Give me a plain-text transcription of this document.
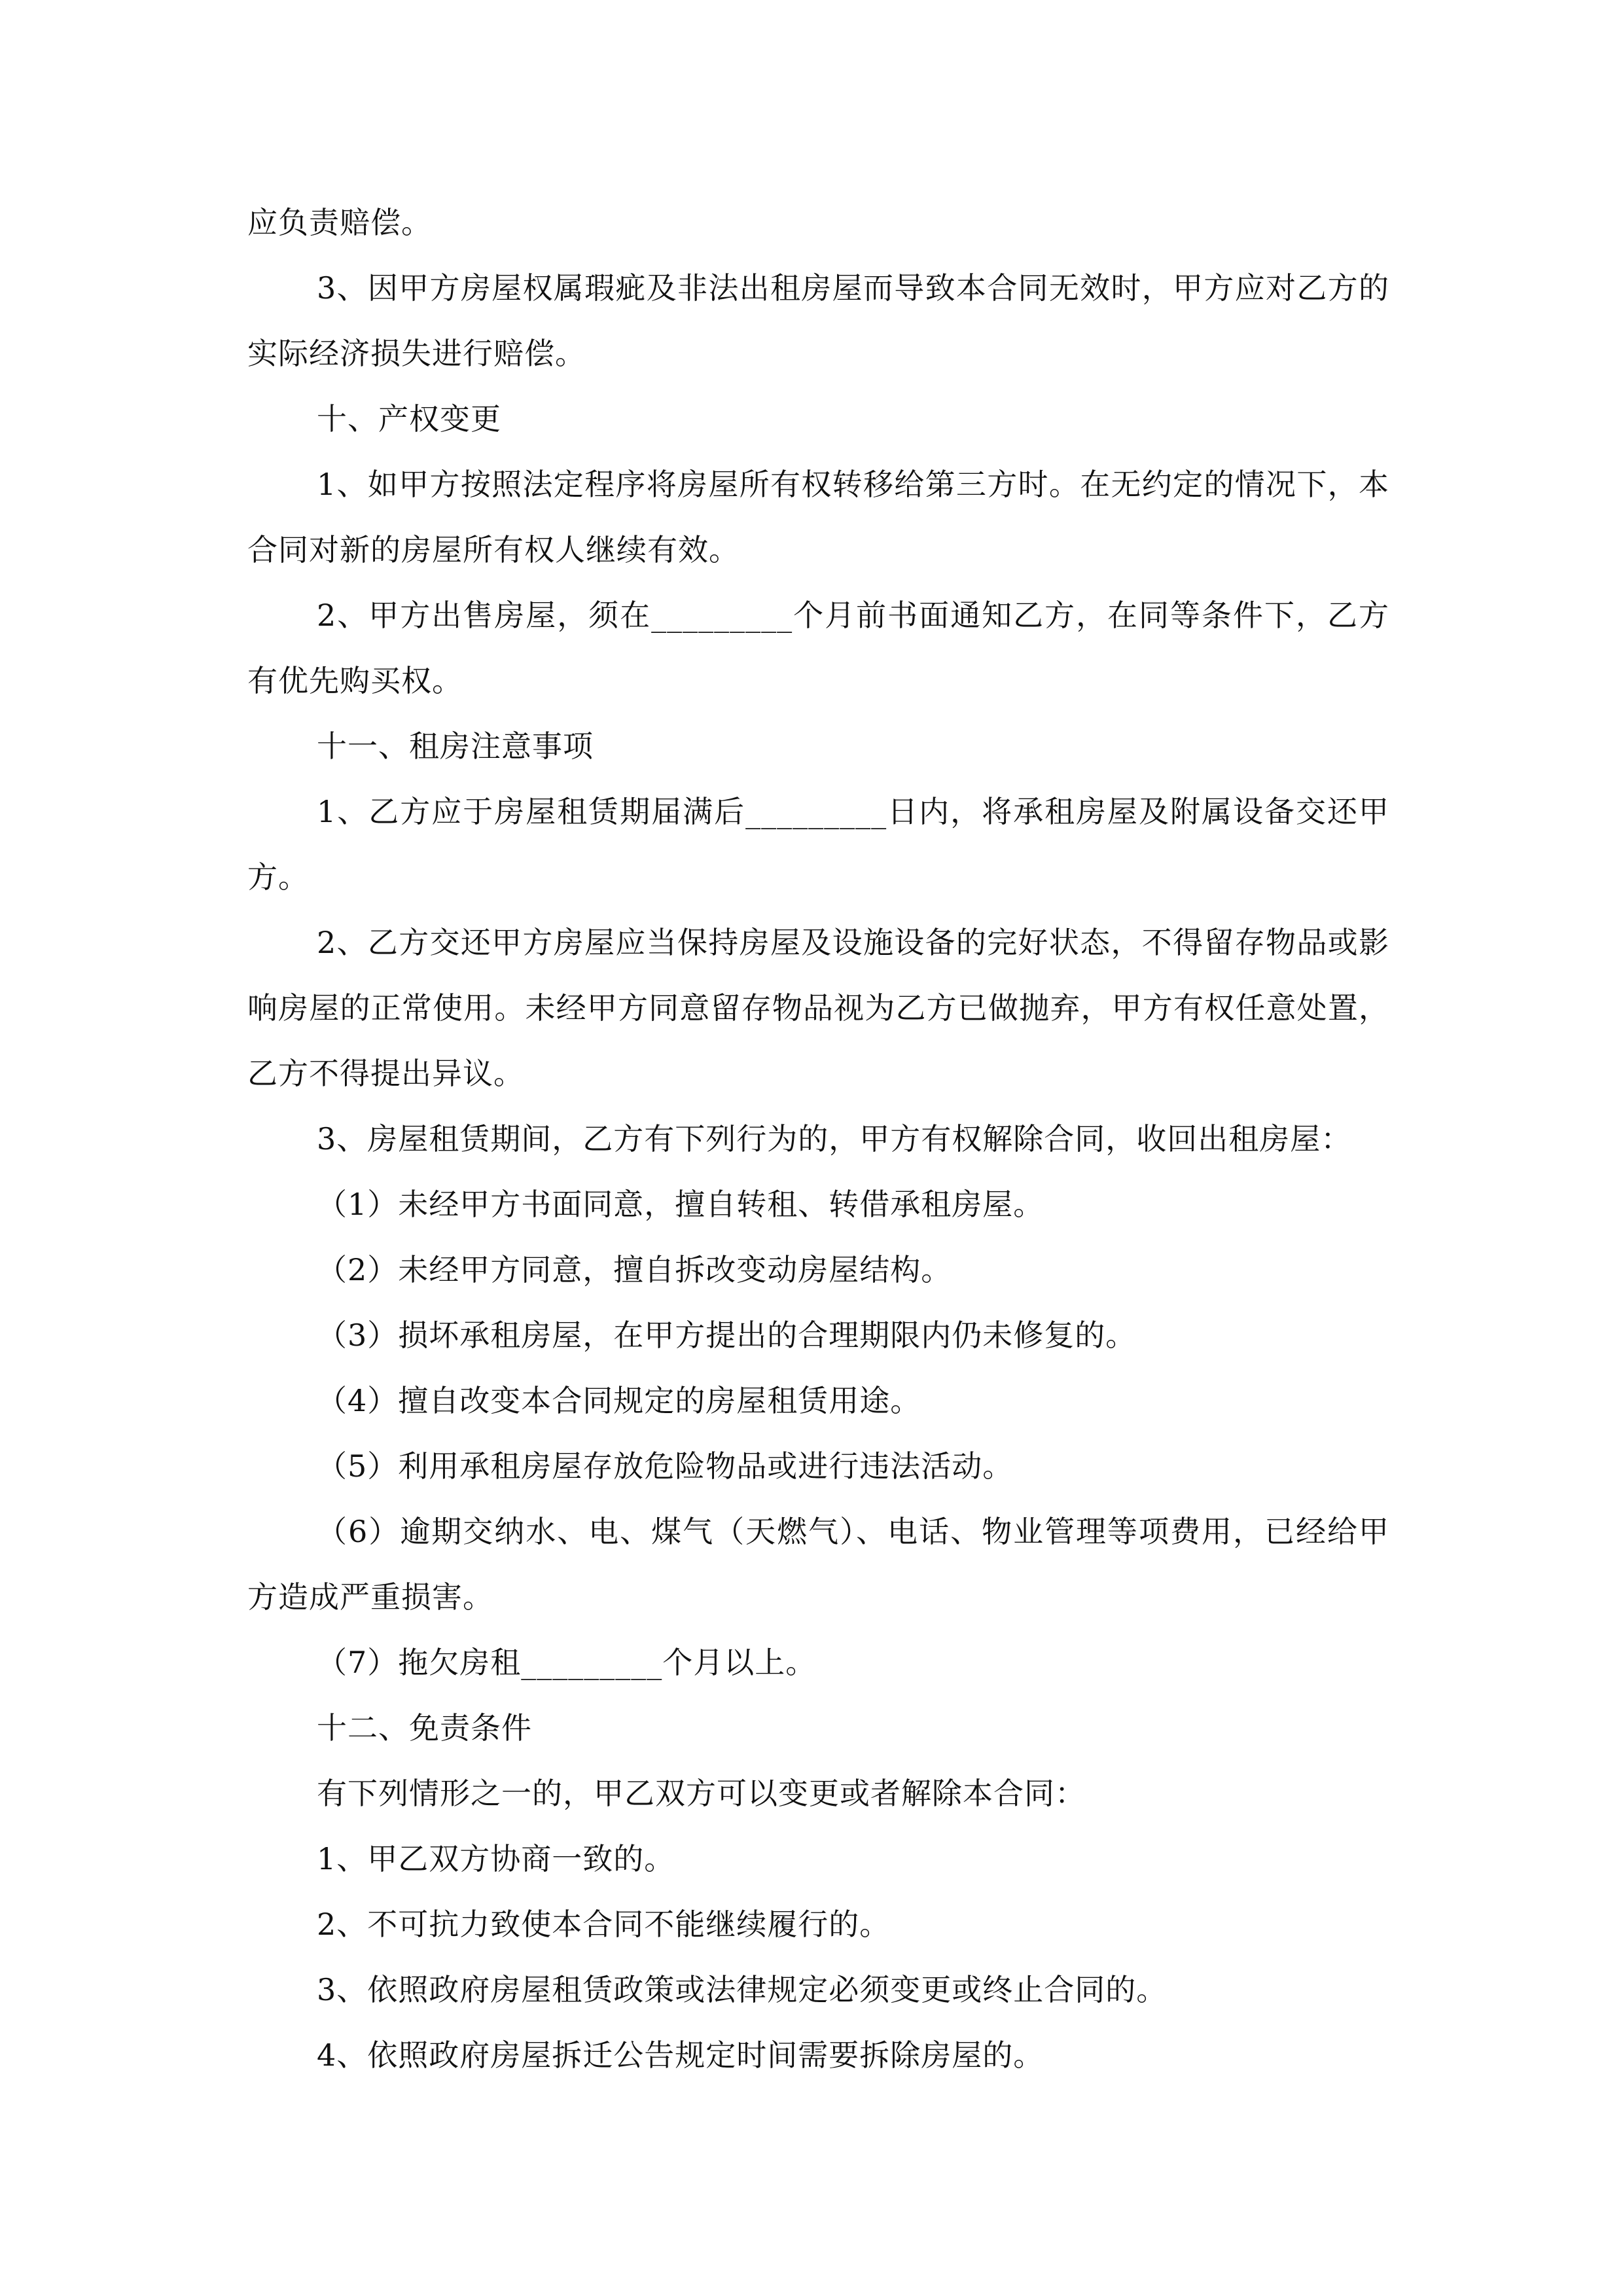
应负责赔偿。

3、因甲方房屋权属瑕疵及非法出租房屋而导致本合同无效时，甲方应对乙方的实际经济损失进行赔偿。

十、产权变更

1、如甲方按照法定程序将房屋所有权转移给第三方时。在无约定的情况下，本合同对新的房屋所有权人继续有效。

2、甲方出售房屋，须在_________个月前书面通知乙方，在同等条件下，乙方有优先购买权。

十一、租房注意事项

1、乙方应于房屋租赁期届满后_________日内，将承租房屋及附属设备交还甲方。

2、乙方交还甲方房屋应当保持房屋及设施设备的完好状态，不得留存物品或影响房屋的正常使用。未经甲方同意留存物品视为乙方已做抛弃，甲方有权任意处置，乙方不得提出异议。

3、房屋租赁期间，乙方有下列行为的，甲方有权解除合同，收回出租房屋：

（1）未经甲方书面同意，擅自转租、转借承租房屋。

（2）未经甲方同意，擅自拆改变动房屋结构。

（3）损坏承租房屋，在甲方提出的合理期限内仍未修复的。

（4）擅自改变本合同规定的房屋租赁用途。

（5）利用承租房屋存放危险物品或进行违法活动。

（6）逾期交纳水、电、煤气（天燃气）、电话、物业管理等项费用，已经给甲方造成严重损害。

（7）拖欠房租_________个月以上。

十二、免责条件

有下列情形之一的，甲乙双方可以变更或者解除本合同：

1、甲乙双方协商一致的。

2、不可抗力致使本合同不能继续履行的。

3、依照政府房屋租赁政策或法律规定必须变更或终止合同的。

4、依照政府房屋拆迁公告规定时间需要拆除房屋的。
